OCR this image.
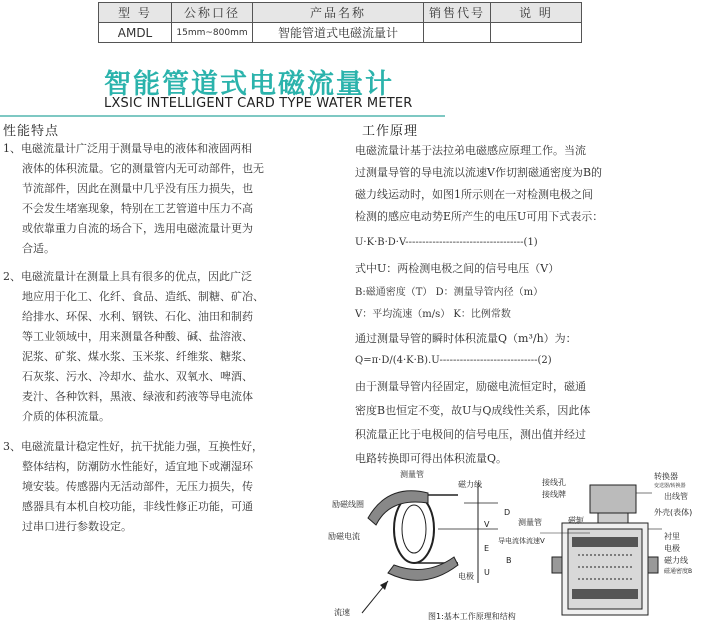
型 号	公称口径	产品名称	销售代号	说 明
AMDL	15mm~800mm	智能管道式电磁流量计		
智能管道式电磁流量计
LXSIC INTELLIGENT CARD TYPE WATER METER
性能特点	工作原理
1、电磁流量计广泛用于测量导电的液体和液固两相
液体的体积流量。它的测量管内无可动部件，也无
节流部件，因此在测量中几乎没有压力损失，也
不会发生堵塞现象，特别在工艺管道中压力不高
或依靠重力自流的场合下，选用电磁流量计更为
合适。
2、电磁流量计在测量上具有很多的优点，因此广泛
地应用于化工、化纤、食品、造纸、制糖、矿冶、
给排水、环保、水利、钢铁、石化、油田和制药
等工业领域中，用来测量各种酸、碱、盐溶液、
泥浆、矿浆、煤水浆、玉米浆、纤维浆、糖浆、
石灰浆、污水、冷却水、盐水、双氧水、啤酒、
麦汁、各种饮料，黑液、绿液和药液等导电流体
介质的体积流量。
3、电磁流量计稳定性好，抗干扰能力强，互换性好，
整体结构，防潮防水性能好，适宜地下或潮湿环
境安装。传感器内无活动部件，无压力损失，传
感器具有本机自校功能，非线性修正功能，可通
过串口进行参数设定。
电磁流量计基于法拉弟电磁感应原理工作。当流
过测量导管的导电流以流速V作切割磁通密度为B的
磁力线运动时，如图1所示则在一对检测电极之间
检测的感应电动势E所产生的电压U可用下式表示：
U·K·B·D·V-----------------------------------(1)
式中U：两检测电极之间的信号电压（V）
B:磁通密度（T） D：测量导管内径（m）
V：平均流速（m/s） K：比例常数
通过测量导管的瞬时体积流量Q（m³/h）为：
Q=π·D/(4·K·B).U-----------------------------(2)
由于测量导管内径固定，励磁电流恒定时，磁通
密度B也恒定不变，故U与Q成线性关系，因此体
积流量正比于电极间的信号电压，测出值并经过
电路转换即可得出体积流量Q。
测量管
磁力线
励磁线圈
励磁电流
V
E
U
D
B
电极
流速
接线孔
接线牌
测量管	磁轭
导电流体流速V
转换器
变送器/转换器
出线管
外壳(表体)
衬里
电极
磁力线
磁通密度B
图1:基本工作原理和结构
